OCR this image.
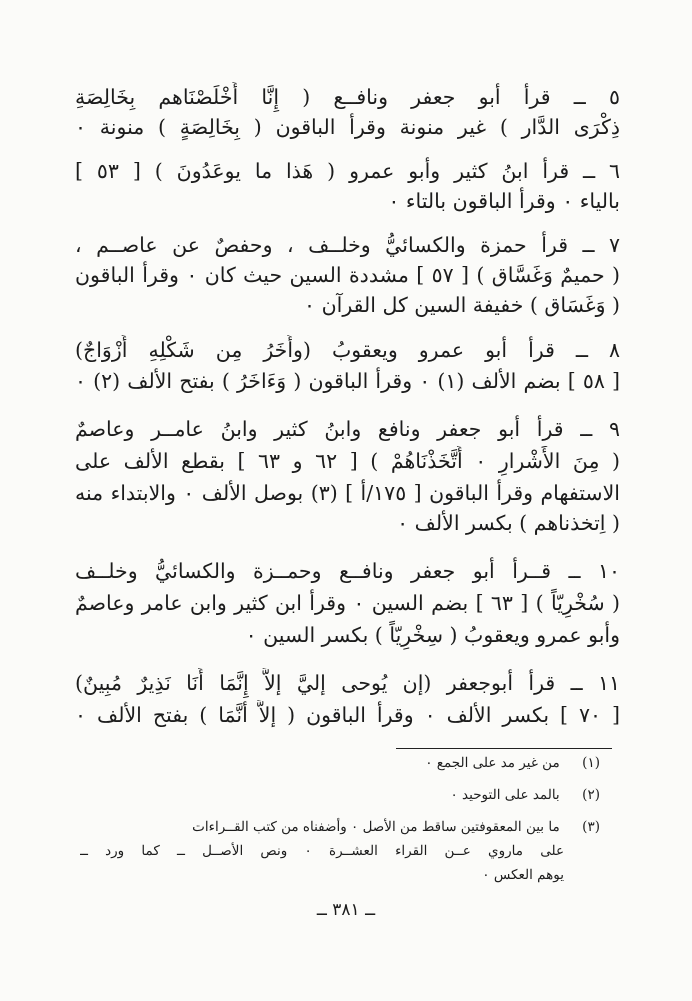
٥ ــ قرأ أبو جعفر ونافــع ( إِنَّا أَخْلَصْنَاهم بِخَالِصَةِ
ذِكْرَى الدَّار ) غير منونة وقرأ الباقون ( بِخَالِصَةٍ ) منونة ٠
٦ ــ قرأ ابنُ كثير وأبو عمرو ( هَذا ما يوعَدُونَ ) [ ٥٣ ]
بالياء ٠ وقرأ الباقون بالتاء ٠
٧ ــ قرأ حمزة والكسائيُّ وخلــف ، وحفصٌ عن عاصــم ،
( حميمٌ وَغَسَّاق ) [ ٥٧ ] مشددة السين حيث كان ٠ وقرأ الباقون
( وَغَسَاق ) خفيفة السين كل القرآن ٠
٨ ــ قرأ أبو عمرو ويعقوبُ (وأُخَرُ مِن شَكْلِهِ أَزْوَاجٌ)
[ ٥٨ ] بضم الألف (١) ٠ وقرأ الباقون ( وَءَاخَرُ ) بفتح الألف (٢) ٠
٩ ــ قرأ أبو جعفر ونافع وابنُ كثير وابنُ عامــر وعاصمٌ
( مِنَ الأَشْرارِ ٠ أَتَّخَذْنَاهُمْ ) [ ٦٢ و ٦٣ ] بقطع الألف على
الاستفهام وقرأ الباقون [ ١٧٥/أ ] (٣) بوصل الألف ٠ والابتداء منه
( اِتخذناهم ) بكسر الألف ٠
١٠ ــ قــرأ أبو جعفر ونافــع وحمــزة والكسائيُّ وخلــف
( سُخْرِيّاً ) [ ٦٣ ] بضم السين ٠ وقرأ ابن كثير وابن عامر وعاصمٌ
وأبو عمرو ويعقوبُ ( سِخْرِيّاً ) بكسر السين ٠
١١ ــ قرأ أبوجعفر (إن يُوحى إليَّ إلاَّ إِنَّمَا أَنَا نَذِيرٌ مُبِينٌ)
[ ٧٠ ] بكسر الألف ٠ وقرأ الباقون ( إلاَّ أنَّمَا ) بفتح الألف ٠
(١) من غير مد على الجمع ٠
(٢) بالمد على التوحيد ٠
(٣) ما بين المعقوفتين ساقط من الأصل ٠ وأضفناه من كتب القــراءات
على ماروي عــن القراء العشــرة ٠ ونص الأصــل ــ كما ورد ــ
يوهم العكس ٠
ــ ٣٨١ ــ
